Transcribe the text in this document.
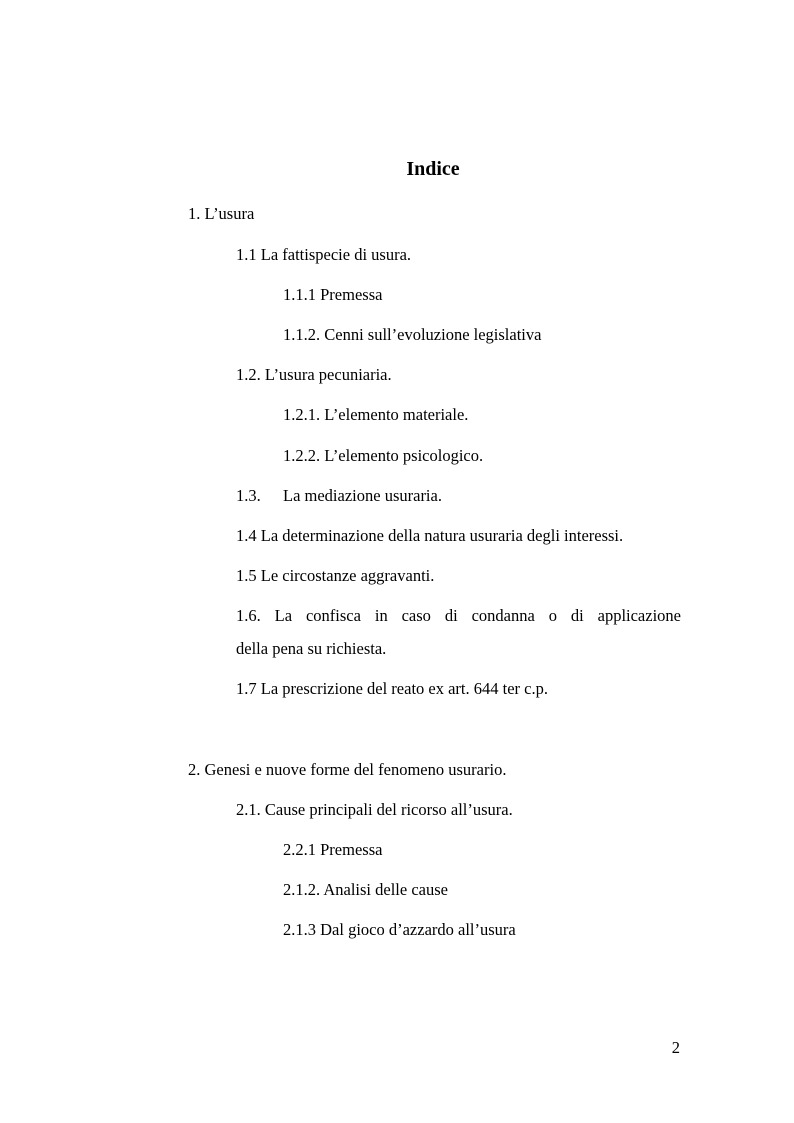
Indice

1. L’usura

1.1 La fattispecie di usura.

1.1.1 Premessa

1.1.2. Cenni sull’evoluzione legislativa

1.2. L’usura pecuniaria.

1.2.1. L’elemento materiale.

1.2.2. L’elemento psicologico.

1.3. La mediazione usuraria.

1.4 La determinazione della natura usuraria degli interessi.

1.5 Le circostanze aggravanti.

1.6. La confisca in caso di condanna o di applicazione

della pena su richiesta.

1.7 La prescrizione del reato ex art. 644 ter c.p.

2. Genesi e nuove forme del fenomeno usurario.

2.1. Cause principali del ricorso all’usura.

2.2.1 Premessa

2.1.2. Analisi delle cause

2.1.3 Dal gioco d’azzardo all’usura

2
